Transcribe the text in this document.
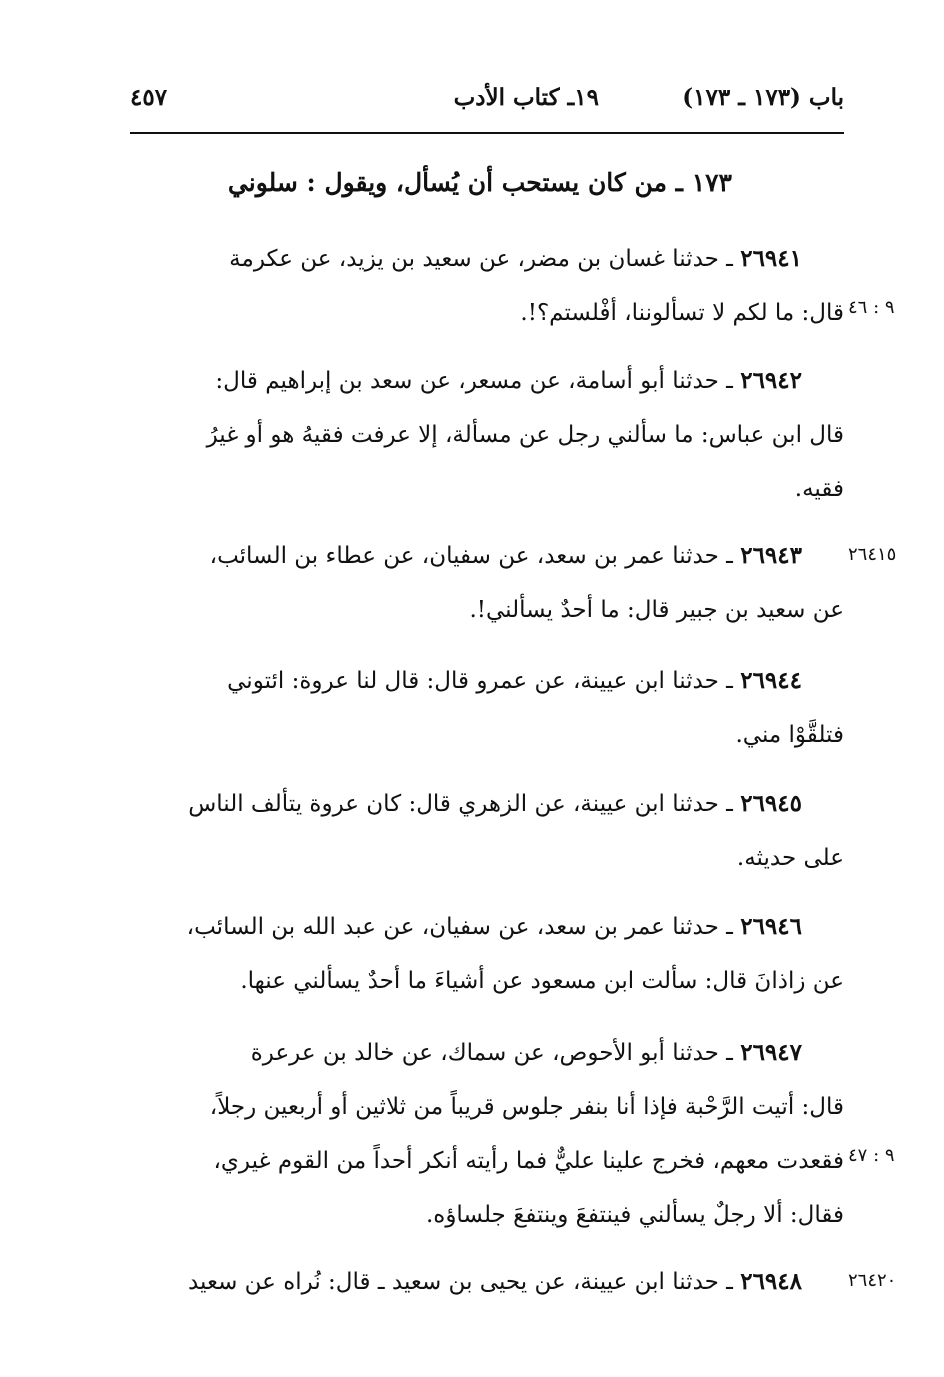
باب (١٧٣ ـ ١٧٣)
١٩ـ كتاب الأدب
٤٥٧
١٧٣ ـ من كان يستحب أن يُسأل، ويقول : سلوني

٢٦٩٤١ ـ حدثنا غسان بن مضر، عن سعيد بن يزيد، عن عكرمة

قال: ما لكم لا تسألوننا، أفْلستم؟!. ٩ : ٤٦

٢٦٩٤٢ ـ حدثنا أبو أسامة، عن مسعر، عن سعد بن إبراهيم قال:

قال ابن عباس: ما سألني رجل عن مسألة، إلا عرفت فقيهُ هو أو غيرُ

فقيه.

٢٦٩٤٣ ـ حدثنا عمر بن سعد، عن سفيان، عن عطاء بن السائب،

عن سعيد بن جبير قال: ما أحدٌ يسألني!.

٢٦٤١٥

٢٦٩٤٤ ـ حدثنا ابن عيينة، عن عمرو قال: قال لنا عروة: ائتوني

فتلقَّوْا مني.

٢٦٩٤٥ ـ حدثنا ابن عيينة، عن الزهري قال: كان عروة يتألف الناس

على حديثه.

٢٦٩٤٦ ـ حدثنا عمر بن سعد، عن سفيان، عن عبد الله بن السائب،

عن زاذانَ قال: سألت ابن مسعود عن أشياءَ ما أحدٌ يسألني عنها.

٢٦٩٤٧ ـ حدثنا أبو الأحوص، عن سماك، عن خالد بن عرعرة

قال: أتيت الرَّحْبة فإذا أنا بنفر جلوس قريباً من ثلاثين أو أربعين رجلاً،

فقعدت معهم، فخرج علينا عليٌّ فما رأيته أنكر أحداً من القوم غيري،

فقال: ألا رجلٌ يسألني فينتفعَ وينتفعَ جلساؤه.

٩ : ٤٧

٢٦٩٤٨ ـ حدثنا ابن عيينة، عن يحيى بن سعيد ـ قال: نُراه عن سعيد	٢٦٤٢٠
